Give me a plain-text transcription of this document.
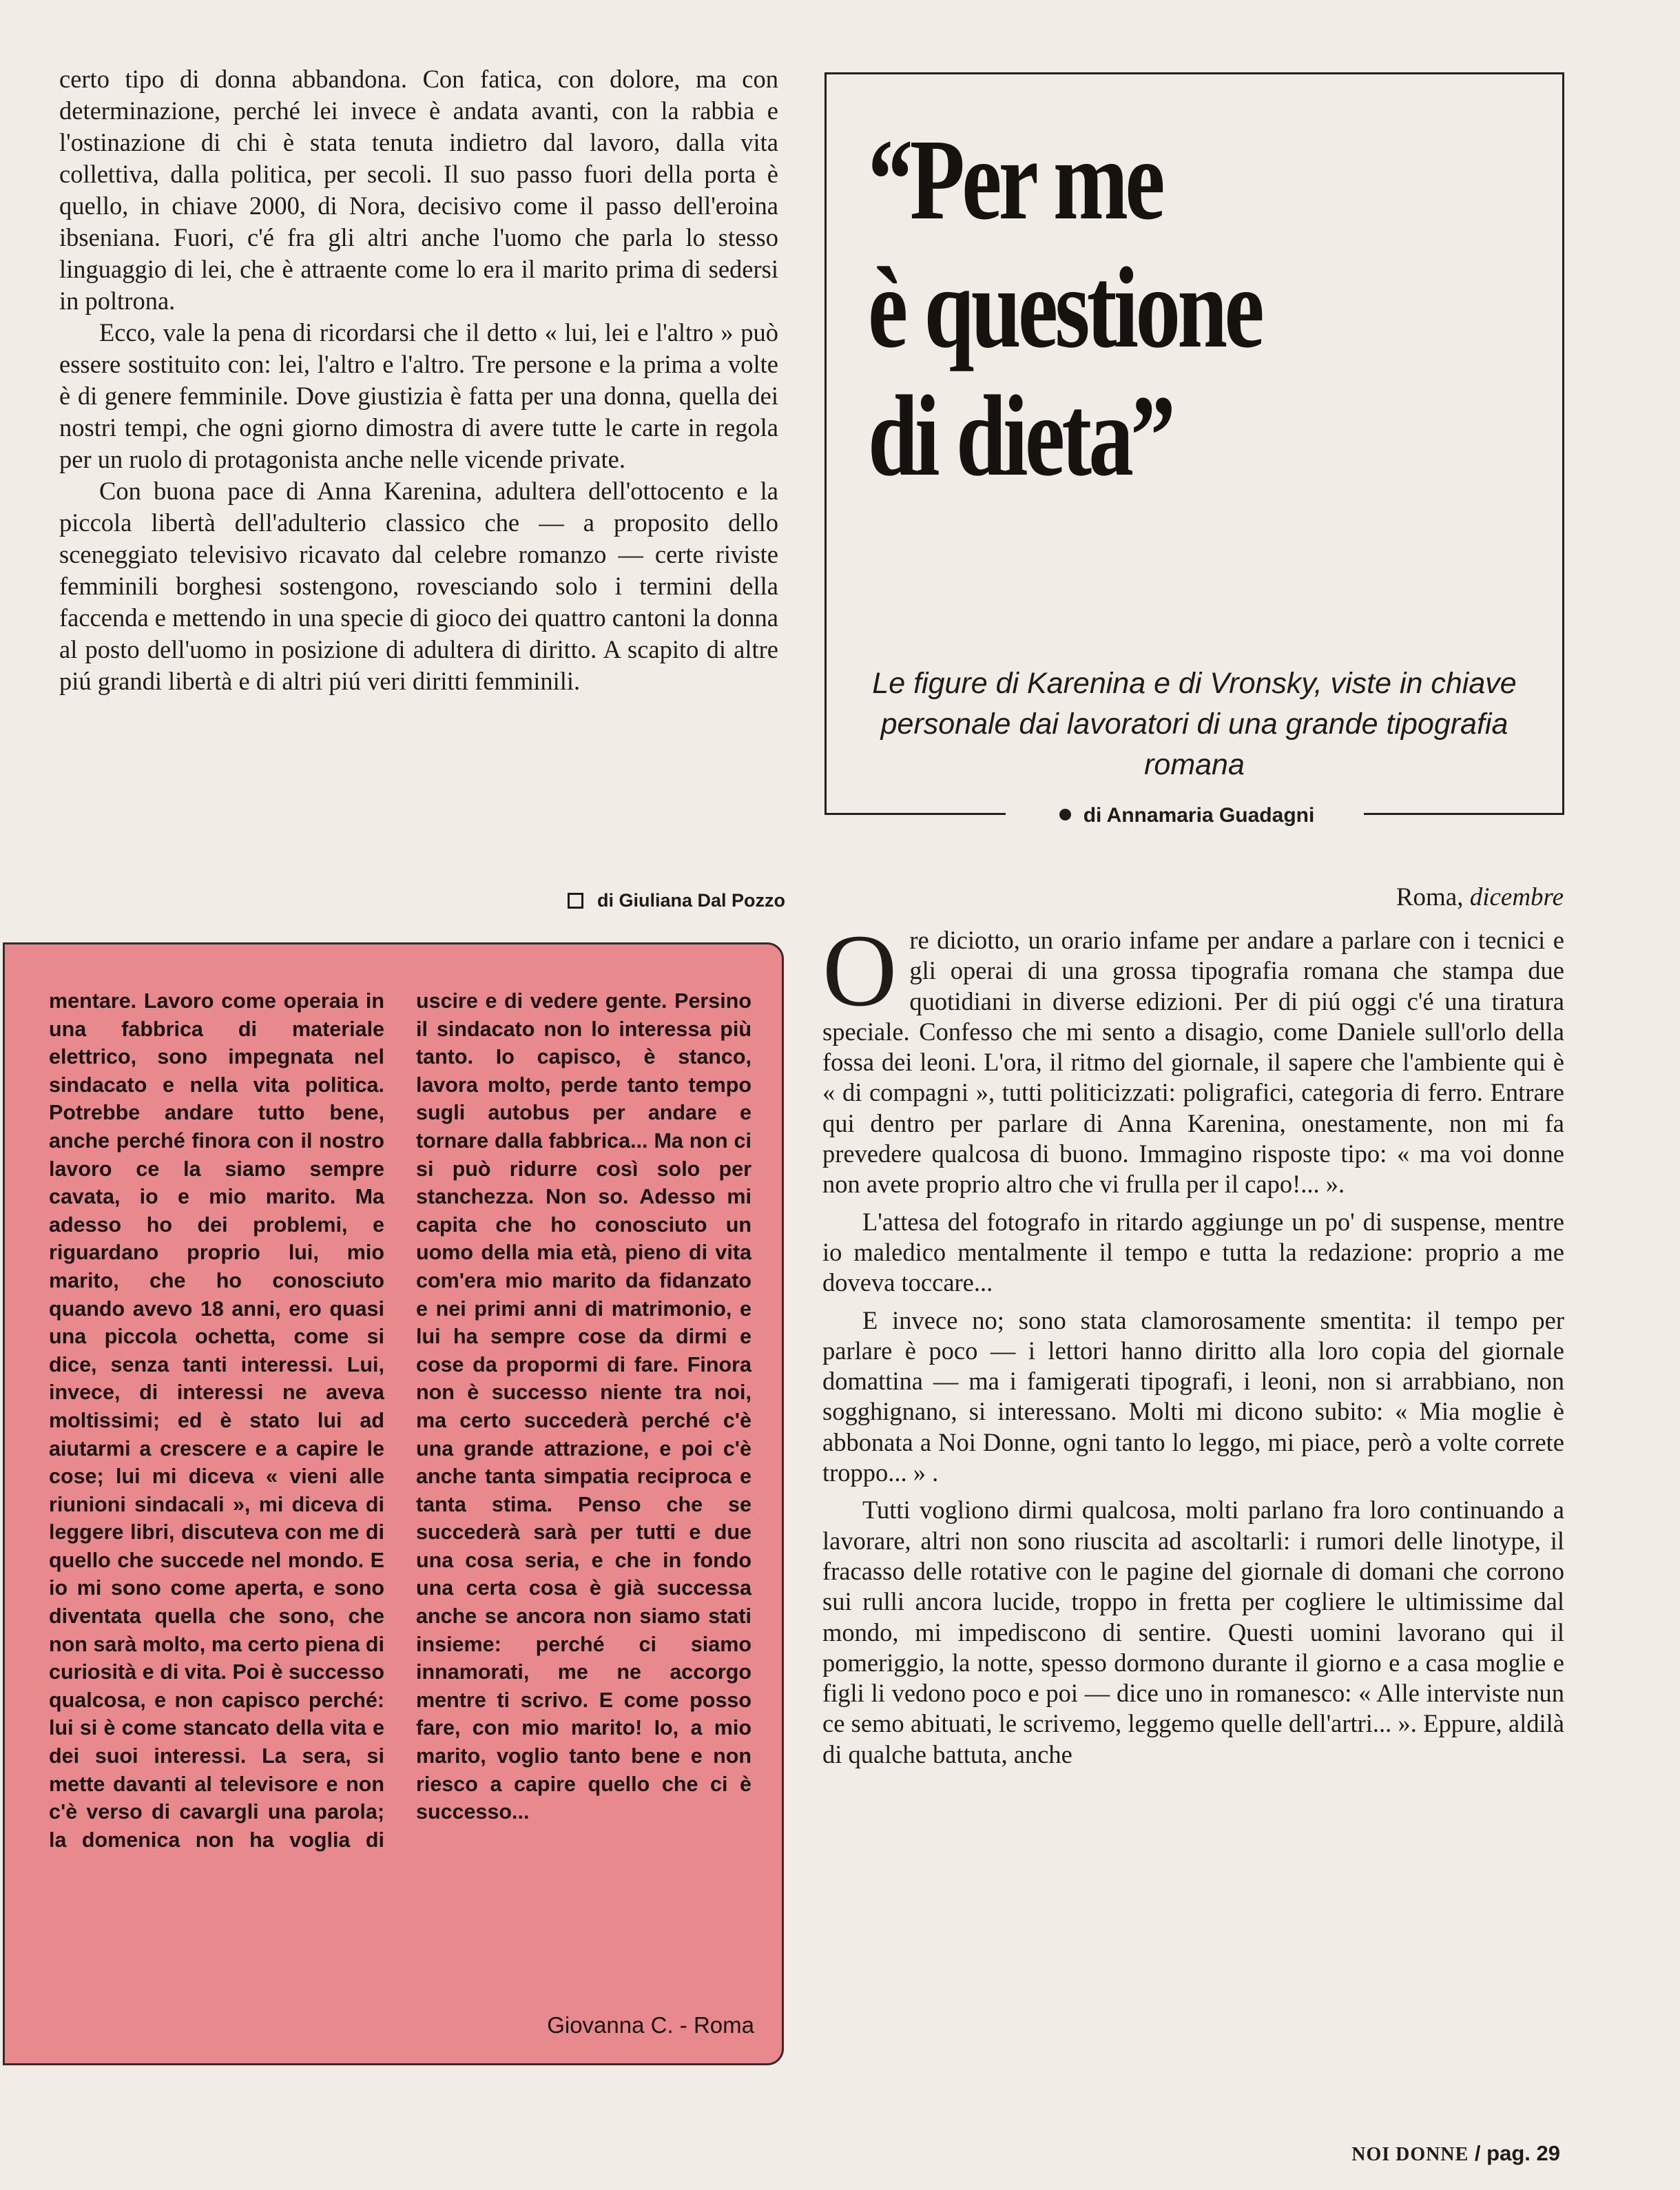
certo tipo di donna abbandona. Con fatica, con dolore, ma con determinazione, perché lei invece è andata avanti, con la rabbia e l'ostinazione di chi è stata tenuta indietro dal lavoro, dalla vita collettiva, dalla politica, per secoli. Il suo passo fuori della porta è quello, in chiave 2000, di Nora, decisivo come il passo dell'eroina ibseniana. Fuori, c'é fra gli altri anche l'uomo che parla lo stesso linguaggio di lei, che è attraente come lo era il marito prima di sedersi in poltrona.

Ecco, vale la pena di ricordarsi che il detto « lui, lei e l'altro » può essere sostituito con: lei, l'altro e l'altro. Tre persone e la prima a volte è di genere femminile. Dove giustizia è fatta per una donna, quella dei nostri tempi, che ogni giorno dimostra di avere tutte le carte in regola per un ruolo di protagonista anche nelle vicende private.

Con buona pace di Anna Karenina, adultera dell'ottocento e la piccola libertà dell'adulterio classico che — a proposito dello sceneggiato televisivo ricavato dal celebre romanzo — certe riviste femminili borghesi sostengono, rovesciando solo i termini della faccenda e mettendo in una specie di gioco dei quattro cantoni la donna al posto dell'uomo in posizione di adultera di diritto. A scapito di altre piú grandi libertà e di altri piú veri diritti femminili.

di Giuliana Dal Pozzo
“Per me
è questione
di dieta”
Le figure di Karenina e di Vronsky, viste in chiave personale dai lavoratori di una grande tipografia romana
di Annamaria Guadagni
Roma, dicembre

Ore diciotto, un orario infame per andare a parlare con i tecnici e gli operai di una grossa tipografia romana che stampa due quotidiani in diverse edizioni. Per di piú oggi c'é una tiratura speciale. Confesso che mi sento a disagio, come Daniele sull'orlo della fossa dei leoni. L'ora, il ritmo del giornale, il sapere che l'ambiente qui è « di compagni », tutti politicizzati: poligrafici, categoria di ferro. Entrare qui dentro per parlare di Anna Karenina, onestamente, non mi fa prevedere qualcosa di buono. Immagino risposte tipo: « ma voi donne non avete proprio altro che vi frulla per il capo!... ».

L'attesa del fotografo in ritardo aggiunge un po' di suspense, mentre io maledico mentalmente il tempo e tutta la redazione: proprio a me doveva toccare...

E invece no; sono stata clamorosamente smentita: il tempo per parlare è poco — i lettori hanno diritto alla loro copia del giornale domattina — ma i famigerati tipografi, i leoni, non si arrabbiano, non sogghignano, si interessano. Molti mi dicono subito: « Mia moglie è abbonata a Noi Donne, ogni tanto lo leggo, mi piace, però a volte correte troppo... » .

Tutti vogliono dirmi qualcosa, molti parlano fra loro continuando a lavorare, altri non sono riuscita ad ascoltarli: i rumori delle linotype, il fracasso delle rotative con le pagine del giornale di domani che corrono sui rulli ancora lucide, troppo in fretta per cogliere le ultimissime dal mondo, mi impediscono di sentire. Questi uomini lavorano qui il pomeriggio, la notte, spesso dormono durante il giorno e a casa moglie e figli li vedono poco e poi — dice uno in romanesco: « Alle interviste nun ce semo abituati, le scrivemo, leggemo quelle dell'artri... ». Eppure, aldilà di qualche battuta, anche

mentare. Lavoro come operaia in una fabbrica di materiale elettrico, sono impegnata nel sindacato e nella vita politica. Potrebbe andare tutto bene, anche perché finora con il nostro lavoro ce la siamo sempre cavata, io e mio marito. Ma adesso ho dei problemi, e riguardano proprio lui, mio marito, che ho conosciuto quando avevo 18 anni, ero quasi una piccola ochetta, come si dice, senza tanti interessi. Lui, invece, di interessi ne aveva moltissimi; ed è stato lui ad aiutarmi a crescere e a capire le cose; lui mi diceva « vieni alle riunioni sindacali », mi diceva di leggere libri, discuteva con me di quello che succede nel mondo. E io mi sono come aperta, e sono diventata quella che sono, che non sarà molto, ma certo piena di curiosità e di vita. Poi è successo qualcosa, e non capisco perché: lui si è come stancato della vita e dei suoi interessi. La sera, si mette davanti al televisore e non c'è verso di cavargli una parola; la domenica non ha voglia di uscire e di vedere gente. Persino il sindacato non lo interessa più tanto. Io capisco, è stanco, lavora molto, perde tanto tempo sugli autobus per andare e tornare dalla fabbrica... Ma non ci si può ridurre così solo per stanchezza. Non so. Adesso mi capita che ho conosciuto un uomo della mia età, pieno di vita com'era mio marito da fidanzato e nei primi anni di matrimonio, e lui ha sempre cose da dirmi e cose da propormi di fare. Finora non è successo niente tra noi, ma certo succederà perché c'è una grande attrazione, e poi c'è anche tanta simpatia reciproca e tanta stima. Penso che se succederà sarà per tutti e due una cosa seria, e che in fondo una certa cosa è già successa anche se ancora non siamo stati insieme: perché ci siamo innamorati, me ne accorgo mentre ti scrivo. E come posso fare, con mio marito! Io, a mio marito, voglio tanto bene e non riesco a capire quello che ci è successo...
Giovanna C. - Roma
NOI DONNE / pag. 29
